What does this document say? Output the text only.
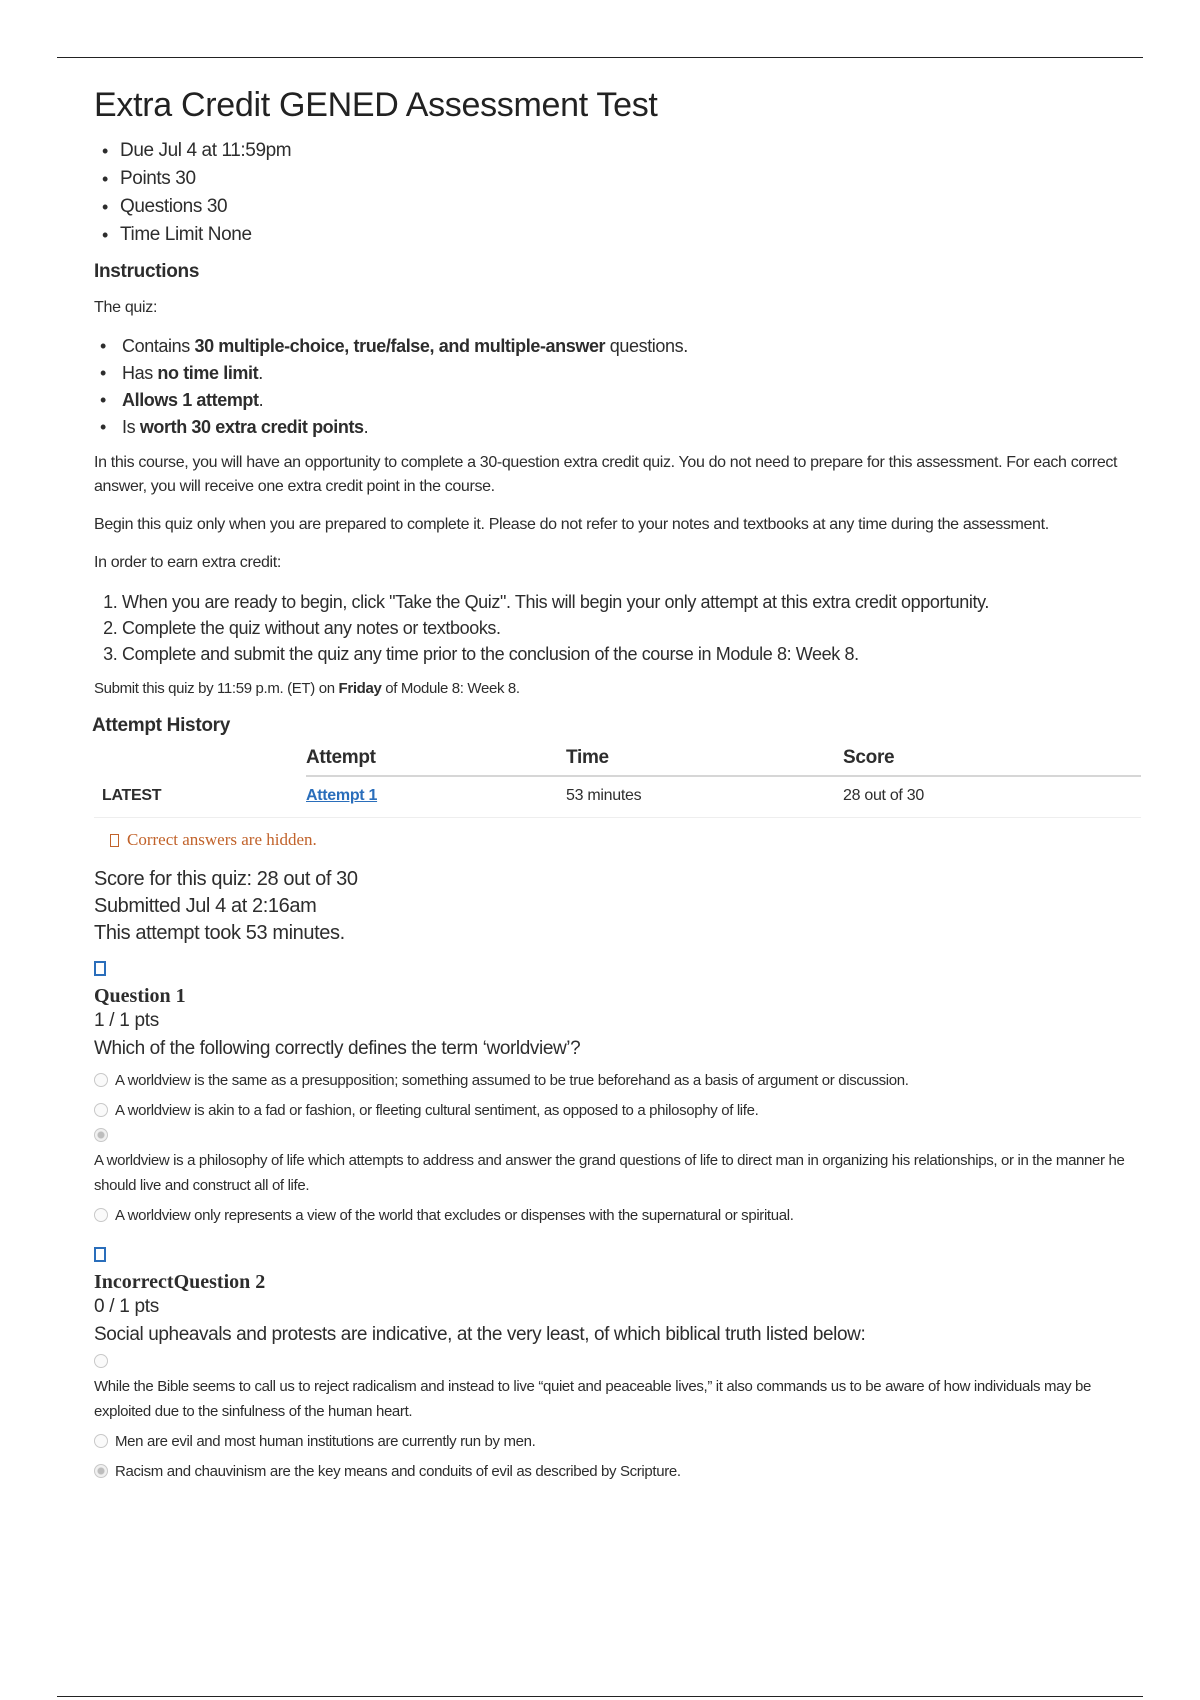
Extra Credit GENED Assessment Test
• Due Jul 4 at 11:59pm
• Points 30
• Questions 30
• Time Limit None
Instructions
The quiz:
• Contains 30 multiple-choice, true/false, and multiple-answer questions.
• Has no time limit.
• Allows 1 attempt.
• Is worth 30 extra credit points.

In this course, you will have an opportunity to complete a 30-question extra credit quiz. You do not need to prepare for this assessment. For each correct answer, you will receive one extra credit point in the course.

Begin this quiz only when you are prepared to complete it. Please do not refer to your notes and textbooks at any time during the assessment.

In order to earn extra credit:

1. When you are ready to begin, click "Take the Quiz". This will begin your only attempt at this extra credit opportunity.
2. Complete the quiz without any notes or textbooks.
3. Complete and submit the quiz any time prior to the conclusion of the course in Module 8: Week 8.

Submit this quiz by 11:59 p.m. (ET) on Friday of Module 8: Week 8.

Attempt History
	Attempt	Time	Score
LATEST	Attempt 1	53 minutes	28 out of 30
Correct answers are hidden.
Score for this quiz: 28 out of 30
Submitted Jul 4 at 2:16am
This attempt took 53 minutes.
Question 1
1 / 1 pts
Which of the following correctly defines the term ‘worldview’?
A worldview is the same as a presupposition; something assumed to be true beforehand as a basis of argument or discussion.
A worldview is akin to a fad or fashion, or fleeting cultural sentiment, as opposed to a philosophy of life.
A worldview is a philosophy of life which attempts to address and answer the grand questions of life to direct man in organizing his relationships, or in the manner he should live and construct all of life.
A worldview only represents a view of the world that excludes or dispenses with the supernatural or spiritual.
IncorrectQuestion 2
0 / 1 pts
Social upheavals and protests are indicative, at the very least, of which biblical truth listed below:
While the Bible seems to call us to reject radicalism and instead to live “quiet and peaceable lives,” it also commands us to be aware of how individuals may be exploited due to the sinfulness of the human heart.
Men are evil and most human institutions are currently run by men.
Racism and chauvinism are the key means and conduits of evil as described by Scripture.
